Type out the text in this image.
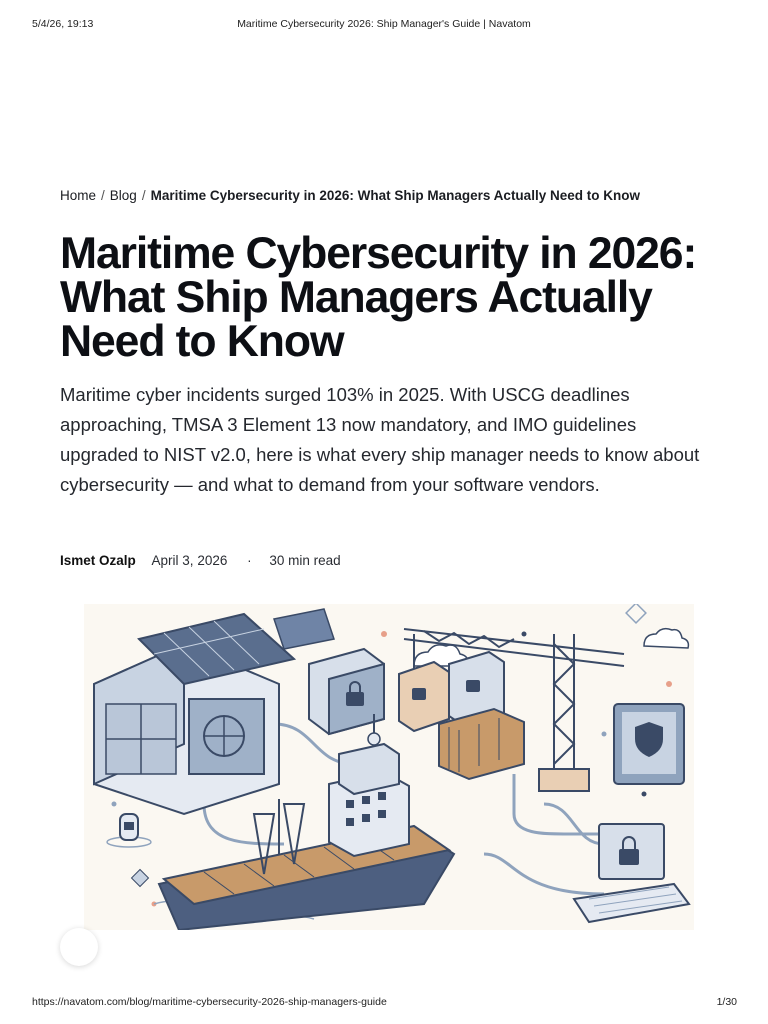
5/4/26, 19:13	Maritime Cybersecurity 2026: Ship Manager's Guide | Navatom
Home / Blog / Maritime Cybersecurity in 2026: What Ship Managers Actually Need to Know
Maritime Cybersecurity in 2026: What Ship Managers Actually Need to Know

Maritime cyber incidents surged 103% in 2025. With USCG deadlines approaching, TMSA 3 Element 13 now mandatory, and IMO guidelines upgraded to NIST v2.0, here is what every ship manager needs to know about cybersecurity — and what to demand from your software vendors.

Ismet Ozalp April 3, 2026 · 30 min read
https://navatom.com/blog/maritime-cybersecurity-2026-ship-managers-guide	1/30
